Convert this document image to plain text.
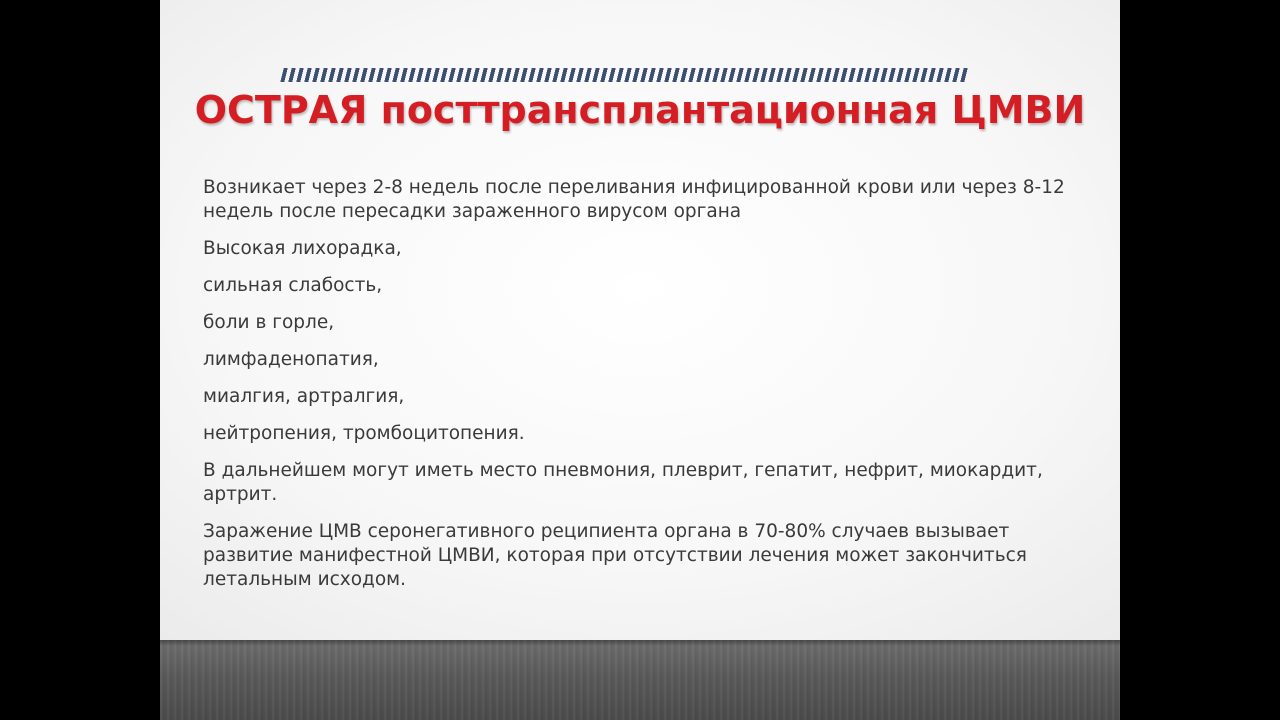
ОСТРАЯ посттрансплантационная ЦМВИ
Возникает через 2-8 недель после переливания инфицированной крови или через 8-12 недель после пересадки зараженного вирусом органа
Высокая лихорадка,
сильная слабость,
боли в горле,
лимфаденопатия,
миалгия, артралгия,
нейтропения, тромбоцитопения.
В дальнейшем могут иметь место пневмония, плеврит, гепатит, нефрит, миокардит, артрит.
Заражение ЦМВ серонегативного реципиента органа в 70-80% случаев вызывает развитие манифестной ЦМВИ, которая при отсутствии лечения может закончиться летальным исходом.
